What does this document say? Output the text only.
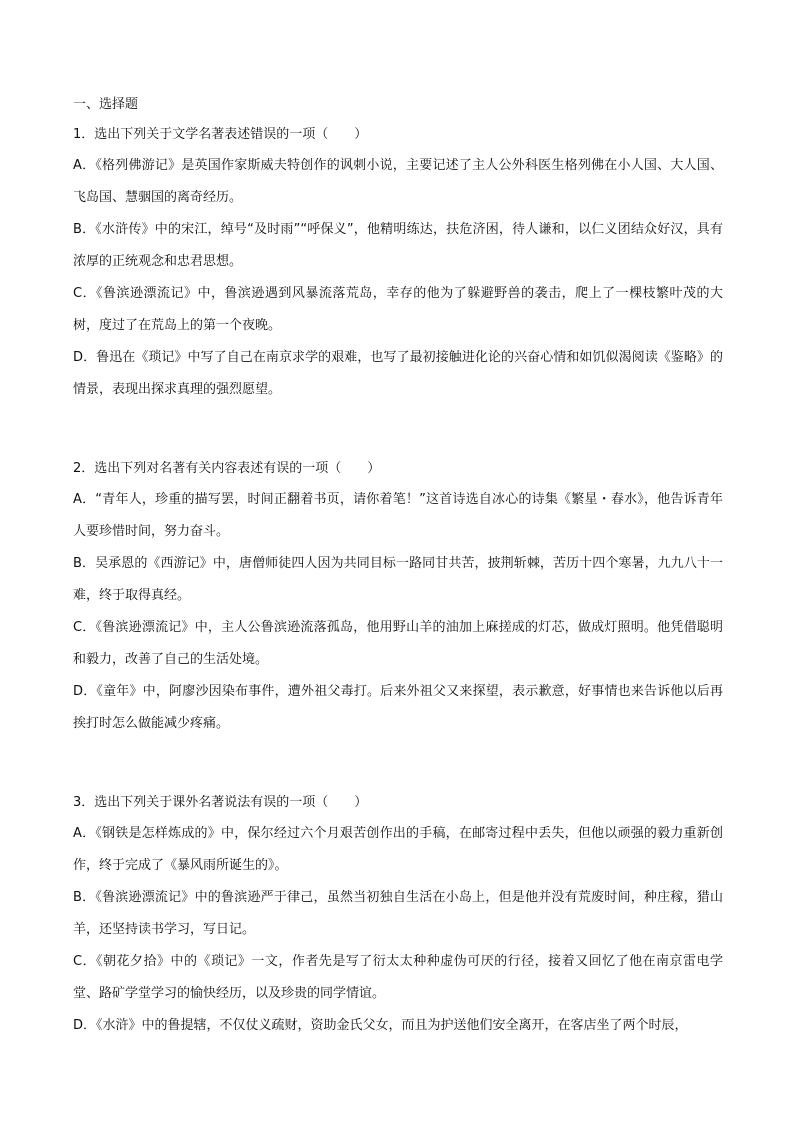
一、选择题
1．选出下列关于文学名著表述错误的一项（　　）
A．《格列佛游记》是英国作家斯威夫特创作的讽刺小说，主要记述了主人公外科医生格列佛在小人国、大人国、飞岛国、慧骃国的离奇经历。
B．《水浒传》中的宋江，绰号“及时雨”“呼保义”，他精明练达，扶危济困，待人谦和，以仁义团结众好汉，具有浓厚的正统观念和忠君思想。
C．《鲁滨逊漂流记》中，鲁滨逊遇到风暴流落荒岛，幸存的他为了躲避野兽的袭击，爬上了一棵枝繁叶茂的大树，度过了在荒岛上的第一个夜晚。
D．鲁迅在《琐记》中写了自己在南京求学的艰难，也写了最初接触进化论的兴奋心情和如饥似渴阅读《鉴略》的情景，表现出探求真理的强烈愿望。
2．选出下列对名著有关内容表述有误的一项（　　）
A．“青年人，珍重的描写罢，时间正翻着书页，请你着笔！”这首诗选自冰心的诗集《繁星・春水》，他告诉青年人要珍惜时间，努力奋斗。
B．吴承恩的《西游记》中，唐僧师徒四人因为共同目标一路同甘共苦，披荆斩棘，苦历十四个寒暑，九九八十一难，终于取得真经。
C．《鲁滨逊漂流记》中，主人公鲁滨逊流落孤岛，他用野山羊的油加上麻搓成的灯芯，做成灯照明。他凭借聪明和毅力，改善了自己的生活处境。
D．《童年》中，阿廖沙因染布事件，遭外祖父毒打。后来外祖父又来探望，表示歉意，好事情也来告诉他以后再挨打时怎么做能减少疼痛。
3．选出下列关于课外名著说法有误的一项（　　）
A．《钢铁是怎样炼成的》中，保尔经过六个月艰苦创作出的手稿，在邮寄过程中丢失，但他以顽强的毅力重新创作，终于完成了《暴风雨所诞生的》。
B．《鲁滨逊漂流记》中的鲁滨逊严于律己，虽然当初独自生活在小岛上，但是他并没有荒废时间，种庄稼，猎山羊，还坚持读书学习，写日记。
C．《朝花夕拾》中的《琐记》一文，作者先是写了衍太太种种虚伪可厌的行径，接着又回忆了他在南京雷电学堂、路矿学堂学习的愉快经历，以及珍贵的同学情谊。
D．《水浒》中的鲁提辖，不仅仗义疏财，资助金氏父女，而且为护送他们安全离开，在客店坐了两个时辰，
